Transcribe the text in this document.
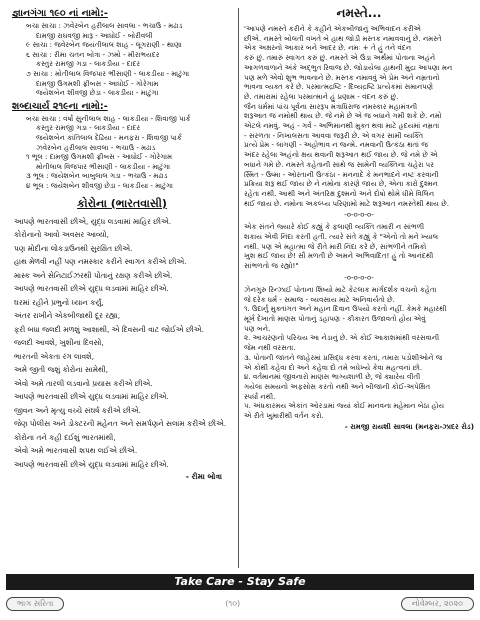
જ્ઞાનગંગા ૧૯૦ નાં નામો:-
બચા સાચા : ઝવેરબેન હરીલાલ સાવલા - ભચાઉ - મઢાડ
દામજી રાઘવજી મારૂ - આધોઈ - બોરીવલી
૯ સાચા : જવેરબેન જયંતીલાલ શાહ - લૂગરાણી - થાણા
૬ સાચા : રીમા ચતન બોત્રા - ઝમો - મીરાભયદર
કસ્તુર રામજી ગડા - લાકડીયા - દાદર
૭ સાચા : મોતીલાલ વિજપાર ભીસાણી - લાકડીયા - માટુંગા
દામજી ઉગમશી ફ્રીબસ - આધોઈ - ગોરેગામ
જયેશબેન શીવજી છેડા - લાકડીયા - માટુંગા
શબ્દાચાર્ય ૨૧૯ના નામો:-
બચા સાચા : વર્ષા સુનીલાલ શાહ - લાકડીયા - શિવાજી પાર્ક
કસ્તુર રામજી ગડા - લાકડીયા - દાદર
જયેશબેન કાંતિલાલ દેઢિયા - મનફરા - શિવાજી પાર્ક
ઝવેરબેન હરીલાલ સાવલા - ભચાઉ - મઢાડ
૧ ભૂલ : દામજી ઉગમશી ફ્રીબસ - આધોઈ - ગોરેગામ
મોતીલાલ વિજપાર ભીસાણી - લાકડીયા - માટુંગા
૩ ભૂલ : જયેશબેન બાબુલાલ ગડા - ભચાઉ - મઢાડ
૪ ભૂલ : જયેશબેન શીવજી છેડા - લાકડીયા - માટુંગા
કોરોના (ભારતવાસી)
આપણે ભારતવાસી છીએ, યુદ્ધ લડવામાં માહિર છીએ.
કોરોનાનો આવો અવસર આવ્યો,
પણ મોદીના લોકડાઉનથી સુરક્ષિત છીએ.
હાથ મેળવી નહીં પણ નમસ્કાર કરીને સ્વાગત કરીએ છીએ.
માસ્ક અને સેનિટાઈઝરથી પોતાનું રક્ષણ કરીએ છીએ.
આપણે ભારતવાસી છીએ યુદ્ધ લડવામાં માહિર છીએ.
ઘરમાં રહીને પ્રભુનો ધ્યાન કર્યું,
અંતર રાખીને એકબીજાથી દૂર રહ્યા,
ફરી બધા જલદી મળશું આશાથી, એ દિવસની વાટ જોઈએ છીએ.
જલદી આવશે, ખુશીના દિવસો,
ભારતની એકતા રંગ લાવશે,
અમે જીતી જશું કોરોના સામેથી,
એવો અમે તારલી લડવાનો પ્રયાસ કરીએ છીએ.
આપણે ભારતવાસી છીએ યુદ્ધ લડવામાં માહિર છીએ.
જીવન અને મૃત્યુ વચ્ચે સંઘર્ષ કરીએ છીએ.
જેણ પોલીસ અને ડોક્ટરની મહેનત અને સમર્પણને સલામ કરીએ છીએ.
કોરોના તને કહી દઈશું ભારતમાંથી,
એવો અમે ભારતવાસી શપથ લઈએ છીએ.
આપણે ભારતવાસી છીએ યુદ્ધ લડવામાં માહિર છીએ.
- રીમા બોત્રા
નમસ્તે...
'આપણે નમસ્તે કરીને કે કહીને એકબીજાનું અભિવાદન કરીએ
છીએ. નમસ્તે બોલતી વખતે બે હાથ જોડી મસ્તક નમાવવાનું છે. નમસ્તે
એક અક્ષરનો આકાર બને આદર છે. નમઃ + તે હું તને વંદન
કરું છું. તમારું સ્વાગત કરું છું. નમસ્તે એ ઉંડા અર્થમાં પોતાના અહંને
આગળવાળાને અંકે અદ્ભુત રિવાજ છે. જોડાયેલા હાથની મુદ્રા આપણા મન
પણ મળે એવો શુભ ભાવનાને છે. મસ્તક નમાવવું એ પ્રેમ અને નમ્રતાનો
ભાવના વ્યક્ત કરે છે. પરમાત્મદ્રષ્ટિ - દિવ્યદ્રષ્ટિ પ્રત્યેકમાં સમાનપણે
છે. તમારામાં રહેલા પરમાત્માને હું પ્રણામ - વંદન કરું છું.
જૈન ધર્મમાં પાંચ પૂર્વના સારરૂપ મંત્રાધિરાજ નમસ્કાર મહામંત્રની
શરૂઆત જ નમોથી થાય છે. જે નમે છે એ જ બધાને ગમી શકે છે. નમો
એટલે નમવું. અહં - ગર્વ - અભિમાનથી મુક્ત થવા માટે હૃદયમાં નમ્રતા
- સરળતા - નિખાલસતા આવવા જરૂરી છે. એ વગર સામી વ્યક્તિ
પ્રત્યે પ્રેમ - લાગણી - અહોભાવ ન જન્મે. નમવાની ઉત્કંઠા થતાં જ
અંદર રહેલા અહંનો ક્ષય થવાની શરૂઆત થઈ જાય છે. જે નમે છે એ
બધાને ગમે છે. નમસ્તે કહેતાની સાથે જ સામેની વ્યક્તિના ચહેરા પર
સ્મિત - ઉષ્મા - ઓરતાની ઉત્કંઠા - મનનાદે કે મનભાદને નષ્ટ કરવાની
પ્રક્રિયા શરૂ થઈ જાય છે ને નમોના કારણે જાય છે, એના કારો દુશ્મન
રહેતા નથી. આથી અને અંતરિક્ષ દુશ્મનો અને દોષો થોમે ધીમે વિલિન
થઈ જાય છે. નમોના અકલ્પ્ય પરિણામો માટે શરૂઆત નમસ્તેથી થાય છે.
-૦-૦-૦-૦-
એક સંતને જ્યારે કોઈ કહ્યું કે ફલાણી વ્યક્તિ તમારી ન સાંભળી
શકાય એવી નિંદા કરતી હતી. ત્યારે સંતે કહ્યું કે "એનો તો મને ખ્યાલ
નથી. પણ એ મહાત્મા જે રીતે મારી નિંદા કરે છે, સાંભળીને તમિકો
ખુશ થઈ જાય છે! સૌ મળતી છે અમને અભિવાદિત! હું તો આનંદથી
સાંભળતો જ રહ્યો!"
-૦-૦-૦-૦-
ઝેનગુરુ રિન્ઝાઈ પોતાના શિષ્યો માટે કેટલાક માર્ગદર્શક વચનો કહેતા
જે દરેક ધર્મ - સમાજ - વ્યવસાય માટે અનિવાર્યતો છે.
૧. ઉદાર્નુ મુક્તાંગત અને મહાન દિવાન ઉપયો કરતો નહીં. કેમકે મહારથી
મૂર્ખ દેખાતો માણસ પોતાનું ડહાપણ - કીકારત ઉજાવતો હોય એવું
પણ બને.
૨. આચરણનો પરિચય આ નેડાનું છે. એ કોઈ આકાશમાંથી વરસવાની
જેમ નથી વરસતા.
૩. પોતાની જાતને જાહેરમાં પ્રસિદ્ધ કરવા કરતાં, તમારા પડોશીઓને જ
એ કોથી કહેવા દો અને કહેવા દો તમે બધેખ્યે કેવા મહત્વનાં છો.
૪. વર્તમાનમાં જીવનારો માણસ ભાગ્યશાળી છે, જે ક્યારેય વીતી
ગયેલા સમયનો અફસોસ કરતો નથી અને બીજાની કોઈ-અપેક્ષિત
સ્પર્ધા નથી.
૫. અંધકારમય એકાંત ઓરડામાં જ્યાં કોઈ માનવના મહેમાન બેઠા હોય
એ રીતે ખુમારીથી વર્તન કરો.
- રામજી રાયશી સાવલા (મનફરા-ઝાદર રોડ)
Take Care - Stay Safe
ભાગ સરિતા	(૧૦)	નોવેમ્બર, ૨૦૨૦
